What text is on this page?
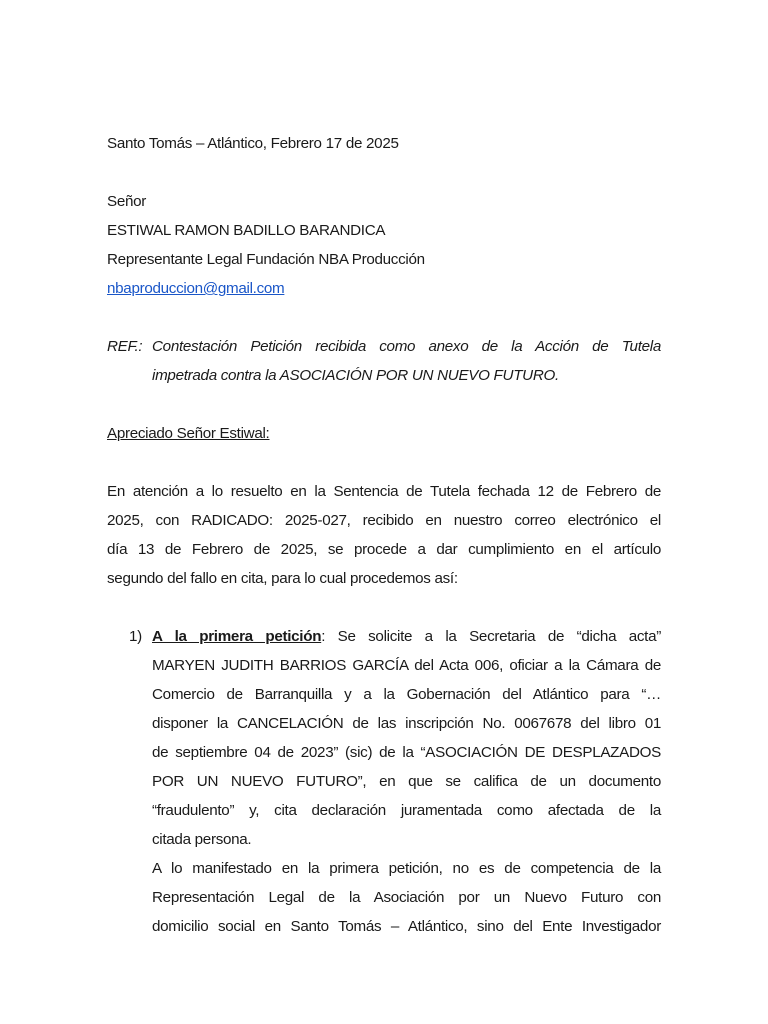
Santo Tomás – Atlántico, Febrero 17 de 2025
Señor
ESTIWAL RAMON BADILLO BARANDICA
Representante Legal Fundación NBA Producción
nbaproduccion@gmail.com
REF.: Contestación Petición recibida como anexo de la Acción de Tutela
impetrada contra la ASOCIACIÓN POR UN NUEVO FUTURO.
Apreciado Señor Estiwal:
En atención a lo resuelto en la Sentencia de Tutela fechada 12 de Febrero de
2025, con RADICADO: 2025-027, recibido en nuestro correo electrónico el
día 13 de Febrero de 2025, se procede a dar cumplimiento en el artículo
segundo del fallo en cita, para lo cual procedemos así:
1) A la primera petición: Se solicite a la Secretaria de “dicha acta”
MARYEN JUDITH BARRIOS GARCÍA del Acta 006, oficiar a la Cámara de
Comercio de Barranquilla y a la Gobernación del Atlántico para “…
disponer la CANCELACIÓN de las inscripción No. 0067678 del libro 01
de septiembre 04 de 2023” (sic) de la “ASOCIACIÓN DE DESPLAZADOS
POR UN NUEVO FUTURO”, en que se califica de un documento
“fraudulento” y, cita declaración juramentada como afectada de la
citada persona.
A lo manifestado en la primera petición, no es de competencia de la
Representación Legal de la Asociación por un Nuevo Futuro con
domicilio social en Santo Tomás – Atlántico, sino del Ente Investigador
